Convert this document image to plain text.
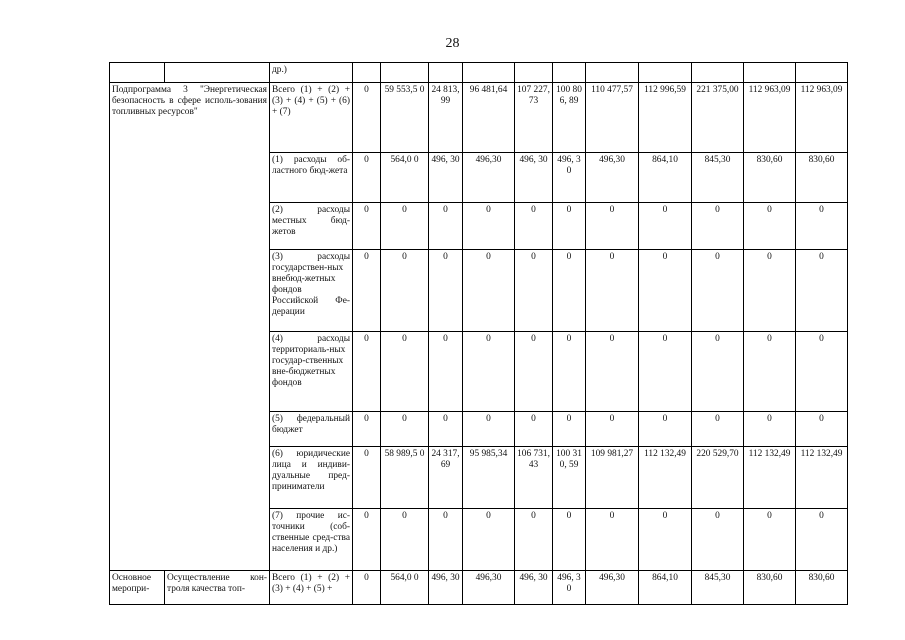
28
		др.)											
Подпрограмма 3 "Энергетическая безопасность в сфере исполь-зования топливных ресурсов"		Всего (1) + (2) + (3) + (4) + (5) + (6) + (7)	0	59 553,5 0	24 813, 99	96 481,64	107 227, 73	100 806, 89	110 477,57	112 996,59	221 375,00	112 963,09	112 963,09
		(1) расходы об-ластного бюд-жета	0	564,0 0	496, 30	496,30	496, 30	496, 30	496,30	864,10	845,30	830,60	830,60
		(2) расходы местных бюд-жетов	0	0	0	0	0	0	0	0	0	0	0
		(3) расходы государствен-ных внебюд-жетных фондов Российской Фе-дерации	0	0	0	0	0	0	0	0	0	0	0
		(4) расходы территориаль-ных государ-ственных вне-бюджетных фондов	0	0	0	0	0	0	0	0	0	0	0
		(5) федеральный бюджет	0	0	0	0	0	0	0	0	0	0	0
		(6) юридические лица и индиви-дуальные пред-приниматели	0	58 989,5 0	24 317, 69	95 985,34	106 731, 43	100 310, 59	109 981,27	112 132,49	220 529,70	112 132,49	112 132,49
		(7) прочие ис-точники (соб-ственные сред-ства населения и др.)	0	0	0	0	0	0	0	0	0	0	0
Основное меропри-	Осуществление кон-троля качества топ-	Всего (1) + (2) + (3) + (4) + (5) +	0	564,0 0	496, 30	496,30	496, 30	496, 30	496,30	864,10	845,30	830,60	830,60
